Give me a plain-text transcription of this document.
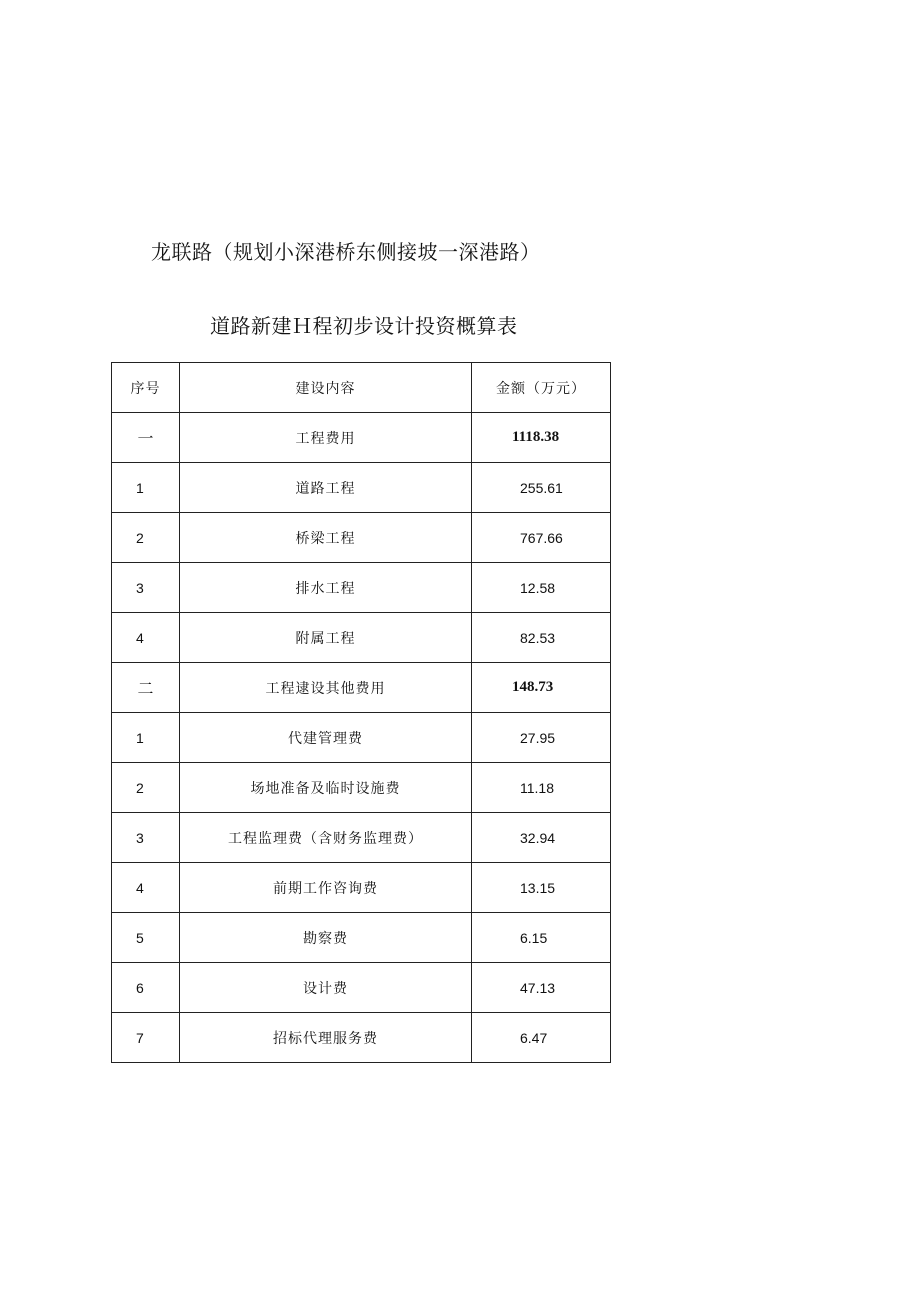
龙联路（规划小深港桥东侧接坡一深港路）
道路新建Ｈ程初步设计投资概算表
序号	建设内容	金额（万元）
一	工程费用	1118.38
1	道路工程	255.61
2	桥梁工程	767.66
3	排水工程	12.58
4	附属工程	82.53
二	工程逮设其他费用	148.73
1	代建管理费	27.95
2	场地准备及临时设施费	11.18
3	工程监理费（含财务监理费）	32.94
4	前期工作咨询费	13.15
5	勘察费	6.15
6	设计费	47.13
7	招标代理服务费	6.47
